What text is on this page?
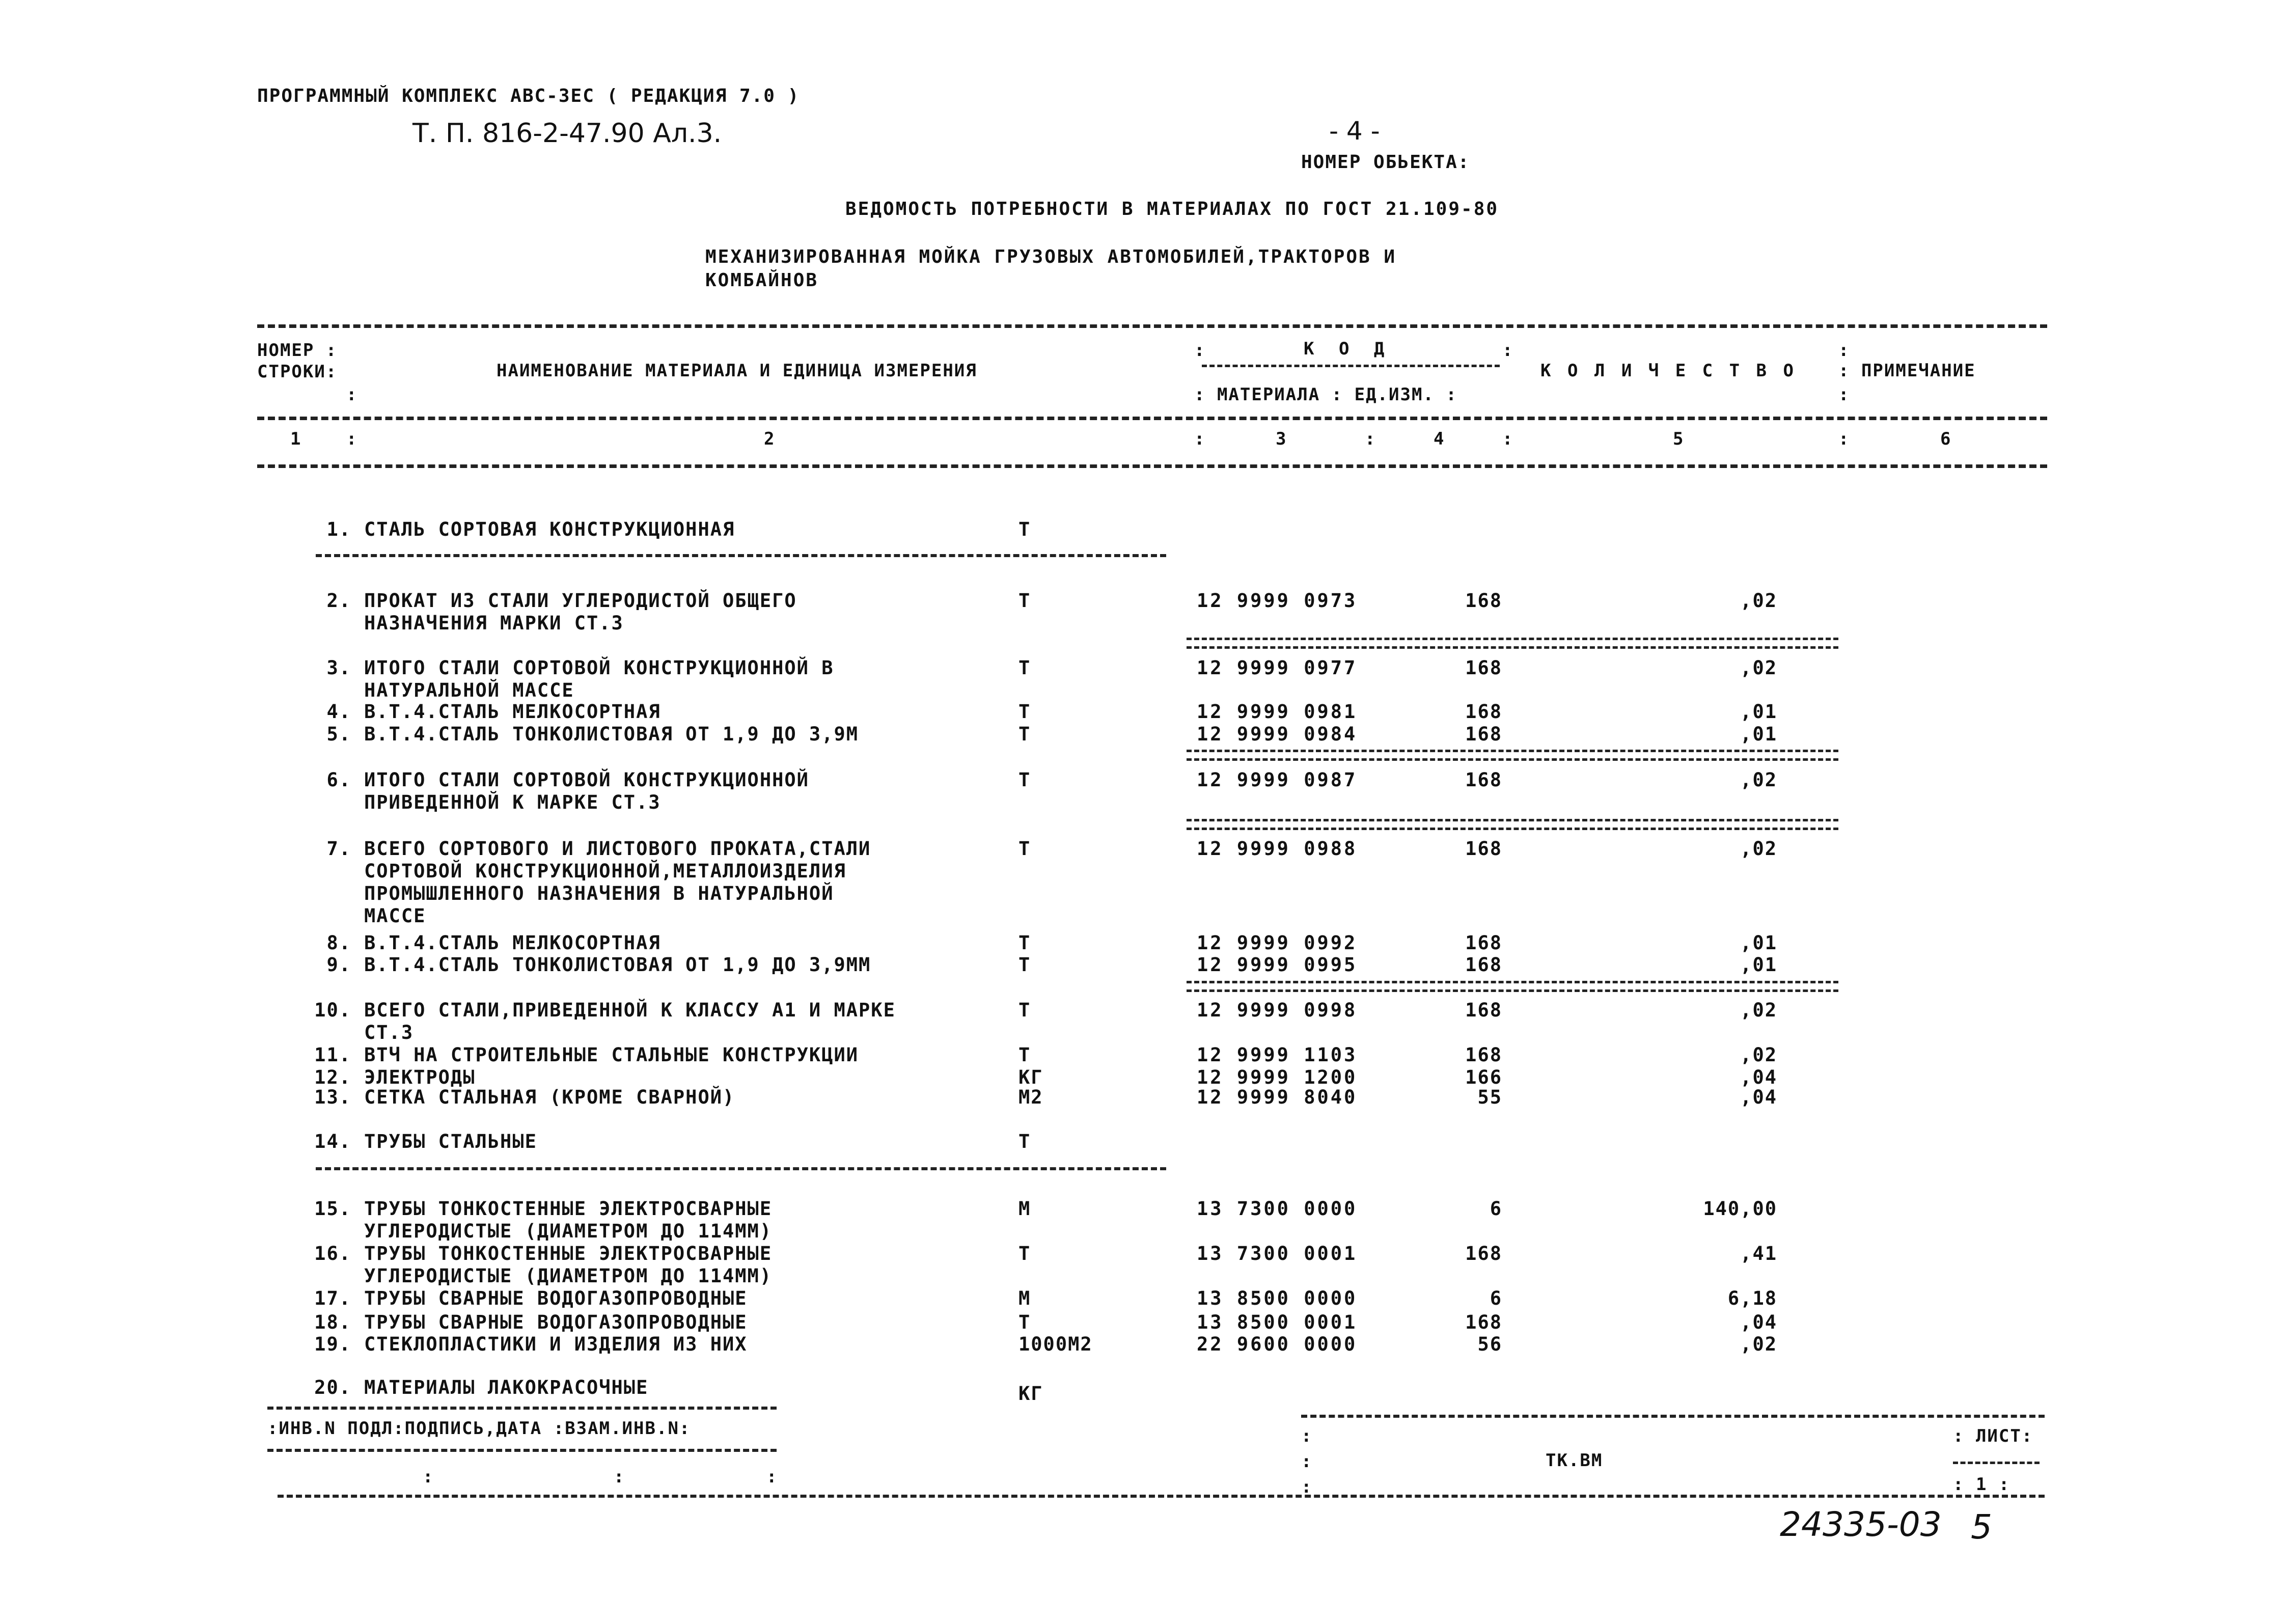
ПРОГРАММНЫЙ КОМПЛЕКС АВС-3ЕС ( РЕДАКЦИЯ 7.0 )
Т. П. 816-2-47.90 Ал.3.	- 4 -
НОМЕР ОБЬЕКТА:
ВЕДОМОСТЬ ПОТРЕБНОСТИ В МАТЕРИАЛАХ ПО ГОСТ 21.109-80
МЕХАНИЗИРОВАННАЯ МОЙКА ГРУЗОВЫХ АВТОМОБИЛЕЙ,ТРАКТОРОВ И
КОМБАЙНОВ
НОМЕР :
СТРОКИ:
:
НАИМЕНОВАНИЕ МАТЕРИАЛА И ЕДИНИЦА ИЗМЕРЕНИЯ
:	К О Д	:
: МАТЕРИАЛА : ЕД.ИЗМ. :
К О Л И Ч Е С Т В О
:
: ПРИМЕЧАНИЕ
:
1	:	2	:	3	:	4	:	5	:	6
1. СТАЛЬ СОРТОВАЯ КОНСТРУКЦИОННАЯ	Т
2. ПРОКАТ ИЗ СТАЛИ УГЛЕРОДИСТОЙ ОБЩЕГО
НАЗНАЧЕНИЯ МАРКИ СТ.3
Т	12 9999 0973	168	,02
3. ИТОГО СТАЛИ СОРТОВОЙ КОНСТРУКЦИОННОЙ В
НАТУРАЛЬНОЙ МАССЕ
Т	12 9999 0977	168	,02
4. В.Т.4.СТАЛЬ МЕЛКОСОРТНАЯ	Т	12 9999 0981	168	,01
5. В.Т.4.СТАЛЬ ТОНКОЛИСТОВАЯ ОТ 1,9 ДО 3,9М	Т	12 9999 0984	168	,01
6. ИТОГО СТАЛИ СОРТОВОЙ КОНСТРУКЦИОННОЙ
ПРИВЕДЕННОЙ К МАРКЕ СТ.3
Т	12 9999 0987	168	,02
7. ВСЕГО СОРТОВОГО И ЛИСТОВОГО ПРОКАТА,СТАЛИ
СОРТОВОЙ КОНСТРУКЦИОННОЙ,МЕТАЛЛОИЗДЕЛИЯ
ПРОМЫШЛЕННОГО НАЗНАЧЕНИЯ В НАТУРАЛЬНОЙ
МАССЕ
Т	12 9999 0988	168	,02
8. В.Т.4.СТАЛЬ МЕЛКОСОРТНАЯ	Т	12 9999 0992	168	,01
9. В.Т.4.СТАЛЬ ТОНКОЛИСТОВАЯ ОТ 1,9 ДО 3,9ММ	Т	12 9999 0995	168	,01
10. ВСЕГО СТАЛИ,ПРИВЕДЕННОЙ К КЛАССУ А1 И МАРКЕ
СТ.3
Т	12 9999 0998	168	,02
11. ВТЧ НА СТРОИТЕЛЬНЫЕ СТАЛЬНЫЕ КОНСТРУКЦИИ	Т	12 9999 1103	168	,02
12. ЭЛЕКТРОДЫ	КГ	12 9999 1200	166	,04
13. СЕТКА СТАЛЬНАЯ (КРОМЕ СВАРНОЙ)	М2	12 9999 8040	55	,04
14. ТРУБЫ СТАЛЬНЫЕ	Т
15. ТРУБЫ ТОНКОСТЕННЫЕ ЭЛЕКТРОСВАРНЫЕ
УГЛЕРОДИСТЫЕ (ДИАМЕТРОМ ДО 114ММ)
М	13 7300 0000	6	140,00
16. ТРУБЫ ТОНКОСТЕННЫЕ ЭЛЕКТРОСВАРНЫЕ
УГЛЕРОДИСТЫЕ (ДИАМЕТРОМ ДО 114ММ)
Т	13 7300 0001	168	,41
17. ТРУБЫ СВАРНЫЕ ВОДОГАЗОПРОВОДНЫЕ	М	13 8500 0000	6	6,18
18. ТРУБЫ СВАРНЫЕ ВОДОГАЗОПРОВОДНЫЕ	Т	13 8500 0001	168	,04
19. СТЕКЛОПЛАСТИКИ И ИЗДЕЛИЯ ИЗ НИХ	1000М2	22 9600 0000	56	,02
20. МАТЕРИАЛЫ ЛАКОКРАСОЧНЫЕ	КГ
:ИНВ.N ПОДЛ:ПОДПИСЬ,ДАТА :ВЗАМ.ИНВ.N:
:	:	:
:
:
:
ТК.ВМ
: ЛИСТ:
: 1 :
24335-03 5
